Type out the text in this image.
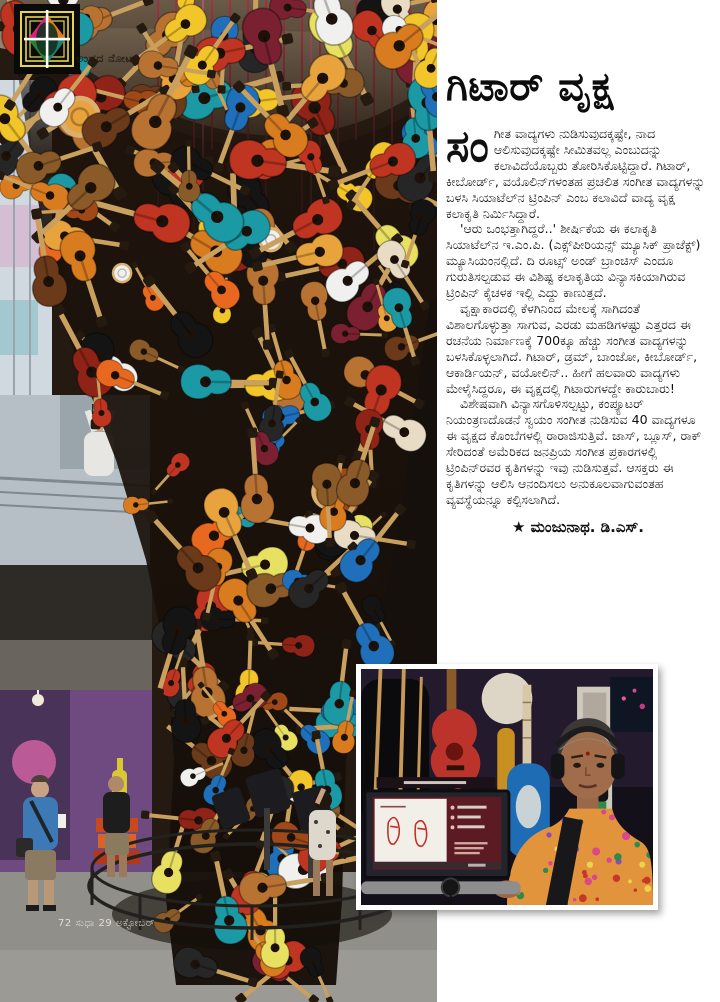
ಅಂದದ ನೋಟ
ಗಿಟಾರ್ ವೃಕ್ಷ

ಸಂಗೀತ ವಾದ್ಯಗಳು ನುಡಿಸುವುದಕ್ಕಷ್ಟೇ, ನಾದ ಆಲಿಸುವುದಕ್ಕಷ್ಟೇ ಸೀಮಿತವಲ್ಲ ಎಂಬುದನ್ನು ಕಲಾವಿದೆಯೊಬ್ಬರು ತೋರಿಸಿಕೊಟ್ಟಿದ್ದಾರೆ. ಗಿಟಾರ್, ಕೀಬೋರ್ಡ್, ವಯೊಲಿನ್‌ಗಳಂತಹ ಪ್ರಚಲಿತ ಸಂಗೀತ ವಾದ್ಯಗಳನ್ನು ಬಳಸಿ ಸಿಯಾಟೆಲ್‌ನ ಟ್ರಿಂಪಿನ್ ಎಂಬ ಕಲಾವಿದೆ ವಾದ್ಯ ವೃಕ್ಷ ಕಲಾಕೃತಿ ನಿರ್ಮಿಸಿದ್ದಾರೆ.

'ಆರು ಒಂಭತ್ತಾಗಿದ್ದರೆ..' ಶೀರ್ಷಿಕೆಯ ಈ ಕಲಾಕೃತಿ ಸಿಯಾಟೆಲ್‌ನ ಇ.ಎಂ.ಪಿ. (ಎಕ್ಸ್‌ಪೀರಿಯನ್ಸ್ ಮ್ಯೂಸಿಕ್ ಪ್ರಾಜೆಕ್ಟ್) ಮ್ಯೂಸಿಯಂನಲ್ಲಿದೆ. ದಿ ರೂಟ್ಸ್ ಅಂಡ್ ಬ್ರಾಂಚಿಸ್ ಎಂದೂ ಗುರುತಿಸಲ್ಪಡುವ ಈ ವಿಶಿಷ್ಟ ಕಲಾಕೃತಿಯ ವಿನ್ಯಾಸಕಿಯಾಗಿರುವ ಟ್ರಿಂಪಿನ್ ಕೈಚಳಕ ಇಲ್ಲಿ ಎದ್ದು ಕಾಣುತ್ತದೆ.

ವೃಕ್ಷಾಕಾರದಲ್ಲಿ ಕೆಳಗಿನಿಂದ ಮೇಲಕ್ಕೆ ಸಾಗಿದಂತೆ ವಿಶಾಲಗೊಳ್ಳುತ್ತಾ ಸಾಗುವ, ಎರಡು ಮಹಡಿಗಳಷ್ಟು ಎತ್ತರದ ಈ ರಚನೆಯ ನಿರ್ಮಾಣಕ್ಕೆ 700ಕ್ಕೂ ಹೆಚ್ಚು ಸಂಗೀತ ವಾದ್ಯಗಳನ್ನು ಬಳಸಿಕೊಳ್ಳಲಾಗಿದೆ. ಗಿಟಾರ್, ಡ್ರಮ್, ಬಾಂಜೋ, ಕೀಬೋರ್ಡ್, ಆಕಾರ್ಡಿಯನ್, ವಯೋಲಿನ್.. ಹೀಗೆ ಹಲವಾರು ವಾದ್ಯಗಳು ಮೇಳೈಸಿದ್ದರೂ, ಈ ವೃಕ್ಷದಲ್ಲಿ ಗಿಟಾರುಗಳದ್ದೇ ಕಾರುಬಾರು!

ವಿಶೇಷವಾಗಿ ವಿನ್ಯಾಸಗೊಳಿಸಲ್ಪಟ್ಟು, ಕಂಪ್ಯೂಟರ್ ನಿಯಂತ್ರಣದೊಡನೆ ಸ್ವಯಂ ಸಂಗೀತ ನುಡಿಸುವ 40 ವಾದ್ಯಗಳೂ ಈ ವೃಕ್ಷದ ಕೊಂಬೆಗಳಲ್ಲಿ ರಾರಾಜಿಸುತ್ತಿವೆ. ಜಾಸ್, ಬ್ಲೂಸ್, ರಾಕ್ ಸೇರಿದಂತೆ ಅಮೆರಿಕದ ಜನಪ್ರಿಯ ಸಂಗೀತ ಪ್ರಕಾರಗಳಲ್ಲಿ ಟ್ರಿಂಪಿನ್‌ರವರ ಕೃತಿಗಳನ್ನು ಇವು ನುಡಿಸುತ್ತವೆ. ಆಸಕ್ತರು ಈ ಕೃತಿಗಳನ್ನು ಆಲಿಸಿ ಆನಂದಿಸಲು ಅನುಕೂಲವಾಗುವಂತಹ ವ್ಯವಸ್ಥೆಯನ್ನೂ ಕಲ್ಪಿಸಲಾಗಿದೆ.

★ ಮಂಜುನಾಥ. ಡಿ.ಎಸ್.
72 ಸುಧಾ 29 ಅಕ್ಟೋಬರ್
